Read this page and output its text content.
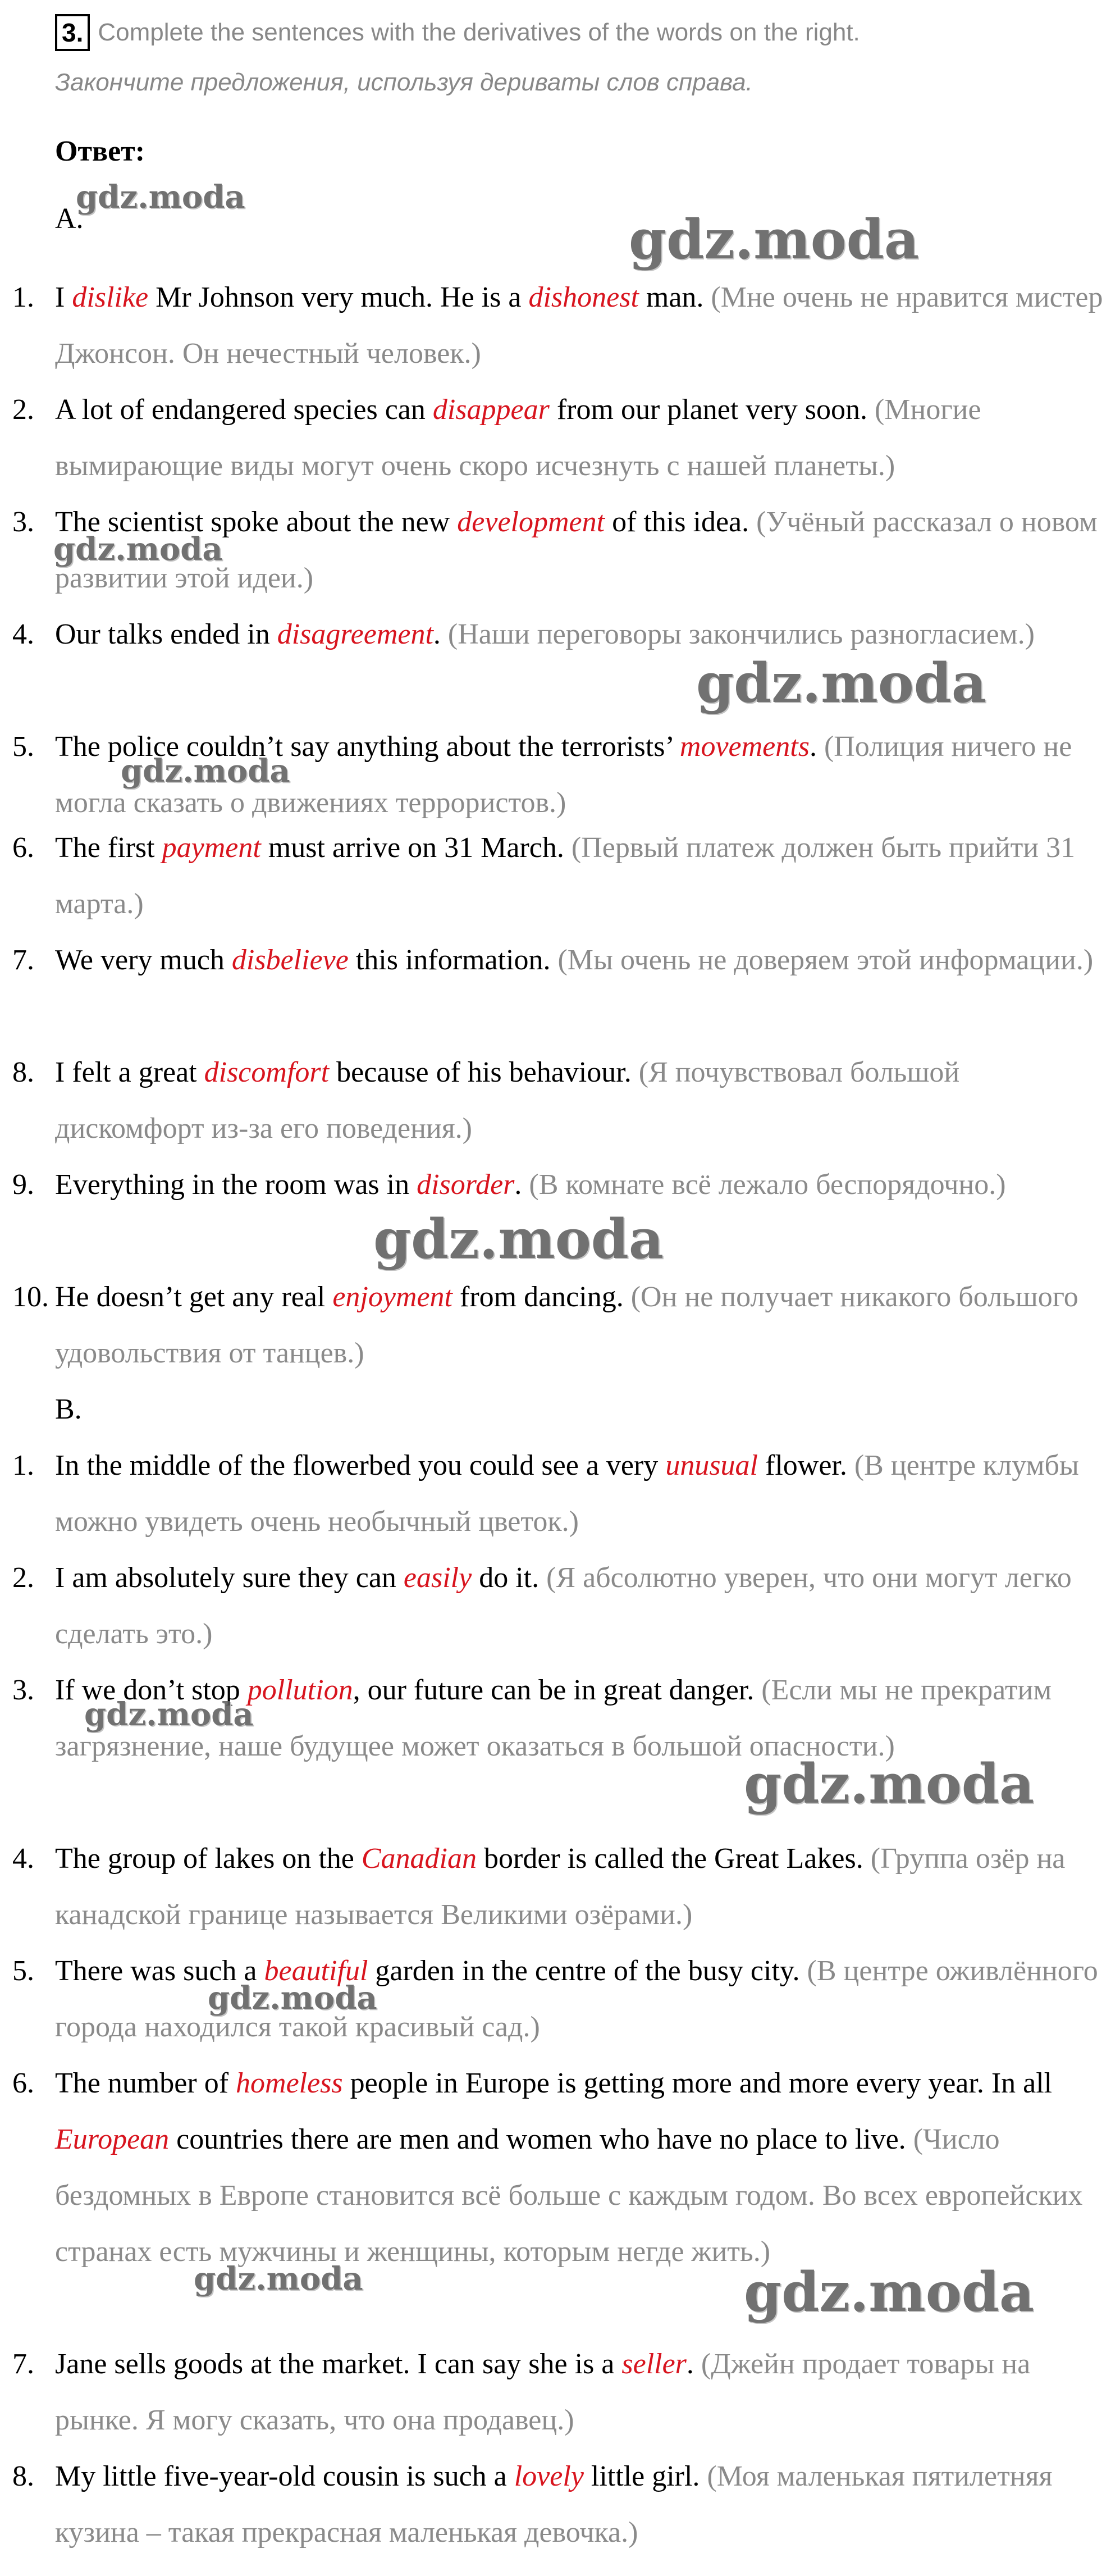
3. Complete the sentences with the derivatives of the words on the right.
Закончите предложения, используя дериваты слов справа.
Ответ:
A.
1. I dislike Mr Johnson very much. He is a dishonest man. (Мне очень не нравится мистер Джонсон. Он нечестный человек.)
2. A lot of endangered species can disappear from our planet very soon. (Многие вымирающие виды могут очень скоро исчезнуть с нашей планеты.)
3. The scientist spoke about the new development of this idea. (Учёный рассказал о новом развитии этой идеи.)
4. Our talks ended in disagreement. (Наши переговоры закончились разногласием.)
5. The police couldn’t say anything about the terrorists’ movements. (Полиция ничего не могла сказать о движениях террористов.)
6. The first payment must arrive on 31 March. (Первый платеж должен быть прийти 31 марта.)
7. We very much disbelieve this information. (Мы очень не доверяем этой информации.)
8. I felt a great discomfort because of his behaviour. (Я почувствовал большой дискомфорт из-за его поведения.)
9. Everything in the room was in disorder. (В комнате всё лежало беспорядочно.)
10. He doesn’t get any real enjoyment from dancing. (Он не получает никакого большого удовольствия от танцев.)
B.
1. In the middle of the flowerbed you could see a very unusual flower. (В центре клумбы можно увидеть очень необычный цветок.)
2. I am absolutely sure they can easily do it. (Я абсолютно уверен, что они могут легко сделать это.)
3. If we don’t stop pollution, our future can be in great danger. (Если мы не прекратим загрязнение, наше будущее может оказаться в большой опасности.)
4. The group of lakes on the Canadian border is called the Great Lakes. (Группа озёр на канадской границе называется Великими озёрами.)
5. There was such a beautiful garden in the centre of the busy city. (В центре оживлённого города находился такой красивый сад.)
6. The number of homeless people in Europe is getting more and more every year. In all European countries there are men and women who have no place to live. (Число бездомных в Европе становится всё больше с каждым годом. Во всех европейских странах есть мужчины и женщины, которым негде жить.)
7. Jane sells goods at the market. I can say she is a seller. (Джейн продает товары на рынке. Я могу сказать, что она продавец.)
8. My little five-year-old cousin is such a lovely little girl. (Моя маленькая пятилетняя кузина – такая прекрасная маленькая девочка.)
gdz.moda
gdz.moda
gdz.moda
gdz.moda
gdz.moda
gdz.moda
gdz.moda
gdz.moda
gdz.moda
gdz.moda	gdz.moda
